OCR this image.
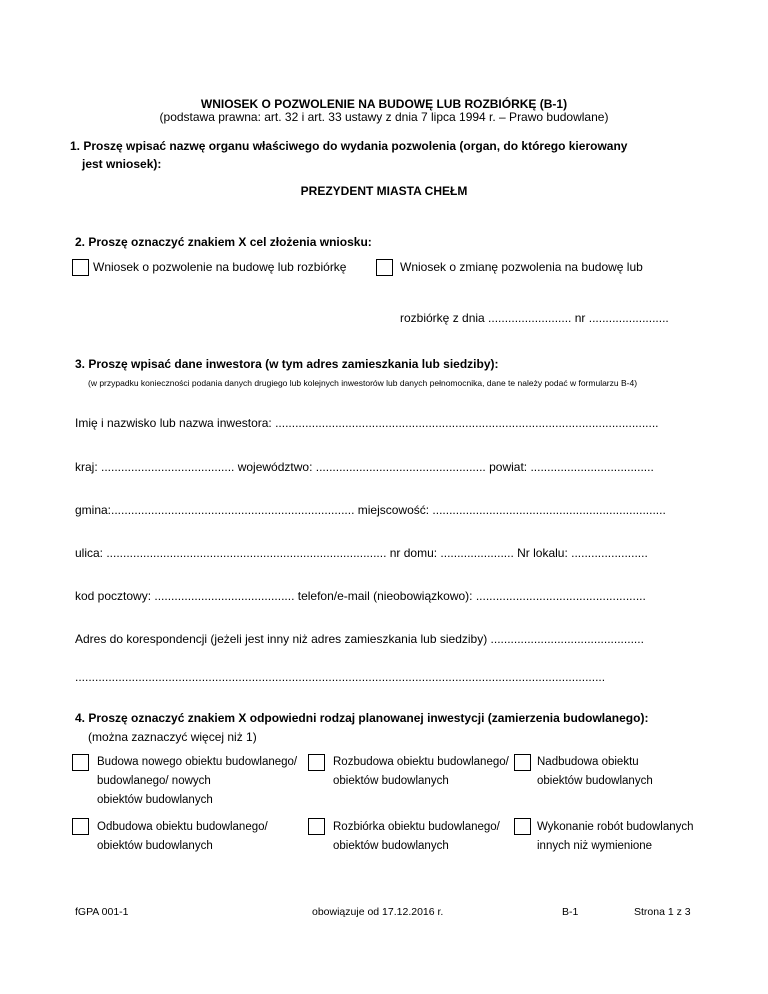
WNIOSEK O POZWOLENIE NA BUDOWĘ LUB ROZBIÓRKĘ (B-1)
(podstawa prawna: art. 32 i art. 33 ustawy z dnia 7 lipca 1994 r. – Prawo budowlane)
1. Proszę wpisać nazwę organu właściwego do wydania pozwolenia (organ, do którego kierowany
jest wniosek):
PREZYDENT MIASTA CHEŁM
2. Proszę oznaczyć znakiem X cel złożenia wniosku:
Wniosek o pozwolenie na budowę lub rozbiórkę	Wniosek o zmianę pozwolenia na budowę lub
rozbiórkę z dnia ......................... nr ........................
3. Proszę wpisać dane inwestora (w tym adres zamieszkania lub siedziby):
(w przypadku konieczności podania danych drugiego lub kolejnych inwestorów lub danych pełnomocnika, dane te należy podać w formularzu B-4)
Imię i nazwisko lub nazwa inwestora: ...................................................................................................................
kraj: ........................................ województwo: ................................................... powiat: .....................................
gmina:......................................................................... miejscowość: ......................................................................
ulica: .................................................................................... nr domu: ...................... Nr lokalu: .......................
kod pocztowy: .......................................... telefon/e-mail (nieobowiązkowo): ...................................................
Adres do korespondencji (jeżeli jest inny niż adres zamieszkania lub siedziby) ..............................................
...............................................................................................................................................................
4. Proszę oznaczyć znakiem X odpowiedni rodzaj planowanej inwestycji (zamierzenia budowlanego):
(można zaznaczyć więcej niż 1)
Budowa nowego obiektu budowlanego/
budowlanego/ nowych
obiektów budowlanych
Rozbudowa obiektu budowlanego/
obiektów budowlanych
Nadbudowa obiektu
obiektów budowlanych
Odbudowa obiektu budowlanego/
obiektów budowlanych
Rozbiórka obiektu budowlanego/
obiektów budowlanych
Wykonanie robót budowlanych
innych niż wymienione
fGPA 001-1	obowiązuje od 17.12.2016 r.	B-1	Strona 1 z 3
